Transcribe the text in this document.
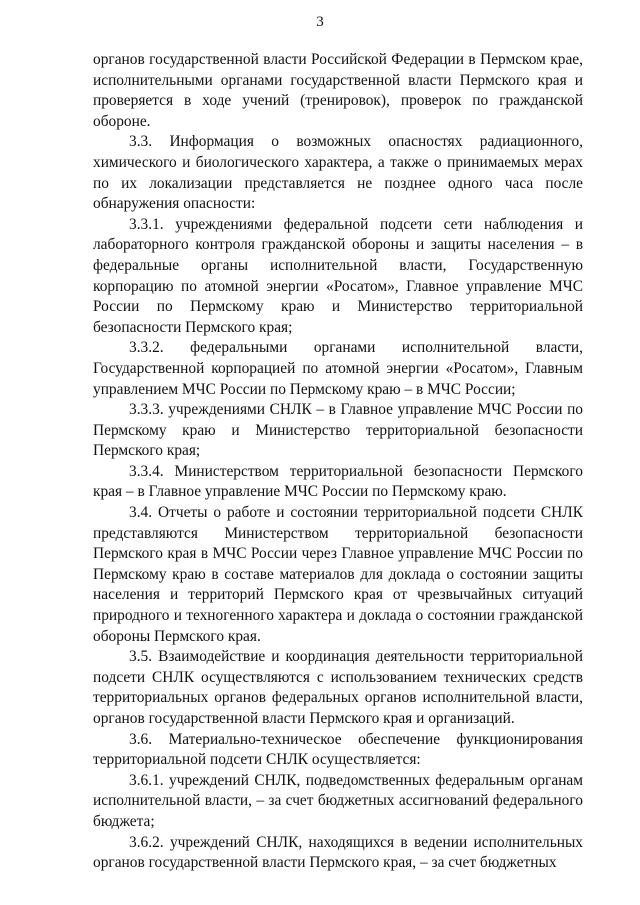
3

органов государственной власти Российской Федерации в Пермском крае, исполнительными органами государственной власти Пермского края и проверяется в ходе учений (тренировок), проверок по гражданской обороне.

3.3. Информация о возможных опасностях радиационного, химического и биологического характера, а также о принимаемых мерах по их локализации представляется не позднее одного часа после обнаружения опасности:

3.3.1. учреждениями федеральной подсети сети наблюдения и лабораторного контроля гражданской обороны и защиты населения – в федеральные органы исполнительной власти, Государственную корпорацию по атомной энергии «Росатом», Главное управление МЧС России по Пермскому краю и Министерство территориальной безопасности Пермского края;

3.3.2. федеральными органами исполнительной власти, Государственной корпорацией по атомной энергии «Росатом», Главным управлением МЧС России по Пермскому краю – в МЧС России;

3.3.3. учреждениями СНЛК – в Главное управление МЧС России по Пермскому краю и Министерство территориальной безопасности Пермского края;

3.3.4. Министерством территориальной безопасности Пермского края – в Главное управление МЧС России по Пермскому краю.

3.4. Отчеты о работе и состоянии территориальной подсети СНЛК представляются Министерством территориальной безопасности Пермского края в МЧС России через Главное управление МЧС России по Пермскому краю в составе материалов для доклада о состоянии защиты населения и территорий Пермского края от чрезвычайных ситуаций природного и техногенного характера и доклада о состоянии гражданской обороны Пермского края.

3.5. Взаимодействие и координация деятельности территориальной подсети СНЛК осуществляются с использованием технических средств территориальных органов федеральных органов исполнительной власти, органов государственной власти Пермского края и организаций.

3.6. Материально-техническое обеспечение функционирования территориальной подсети СНЛК осуществляется:

3.6.1. учреждений СНЛК, подведомственных федеральным органам исполнительной власти, – за счет бюджетных ассигнований федерального бюджета;

3.6.2. учреждений СНЛК, находящихся в ведении исполнительных органов государственной власти Пермского края, – за счет бюджетных
